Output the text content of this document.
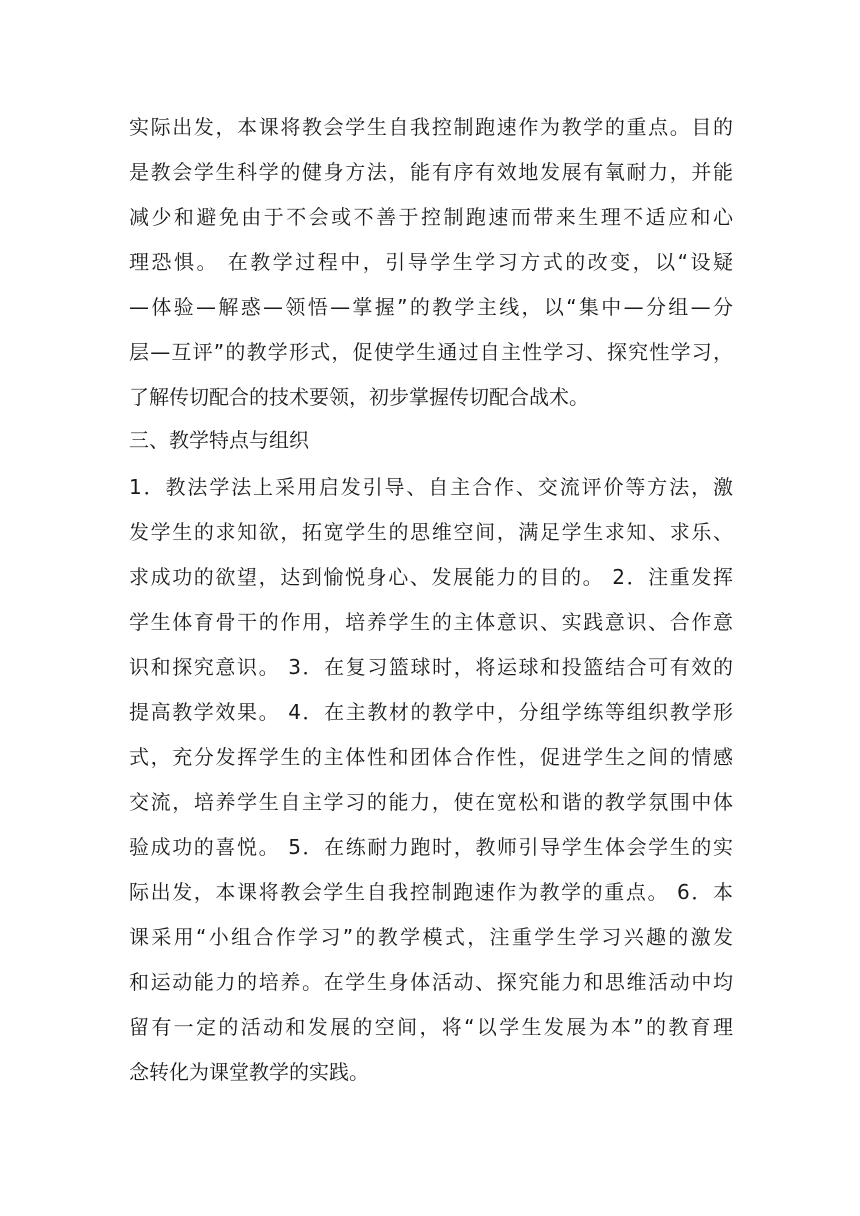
实际出发，本课将教会学生自我控制跑速作为教学的重点。目的
是教会学生科学的健身方法，能有序有效地发展有氧耐力，并能
减少和避免由于不会或不善于控制跑速而带来生理不适应和心
理恐惧。 在教学过程中，引导学生学习方式的改变，以“设疑
—体验—解惑—领悟—掌握”的教学主线，以“集中—分组—分
层—互评”的教学形式，促使学生通过自主性学习、探究性学习，
了解传切配合的技术要领，初步掌握传切配合战术。
三、教学特点与组织
1．教法学法上采用启发引导、自主合作、交流评价等方法，激
发学生的求知欲，拓宽学生的思维空间，满足学生求知、求乐、
求成功的欲望，达到愉悦身心、发展能力的目的。 2．注重发挥
学生体育骨干的作用，培养学生的主体意识、实践意识、合作意
识和探究意识。 3．在复习篮球时，将运球和投篮结合可有效的
提高教学效果。 4．在主教材的教学中，分组学练等组织教学形
式，充分发挥学生的主体性和团体合作性，促进学生之间的情感
交流，培养学生自主学习的能力，使在宽松和谐的教学氛围中体
验成功的喜悦。 5．在练耐力跑时，教师引导学生体会学生的实
际出发，本课将教会学生自我控制跑速作为教学的重点。 6．本
课采用“小组合作学习”的教学模式，注重学生学习兴趣的激发
和运动能力的培养。在学生身体活动、探究能力和思维活动中均
留有一定的活动和发展的空间，将“以学生发展为本”的教育理
念转化为课堂教学的实践。
